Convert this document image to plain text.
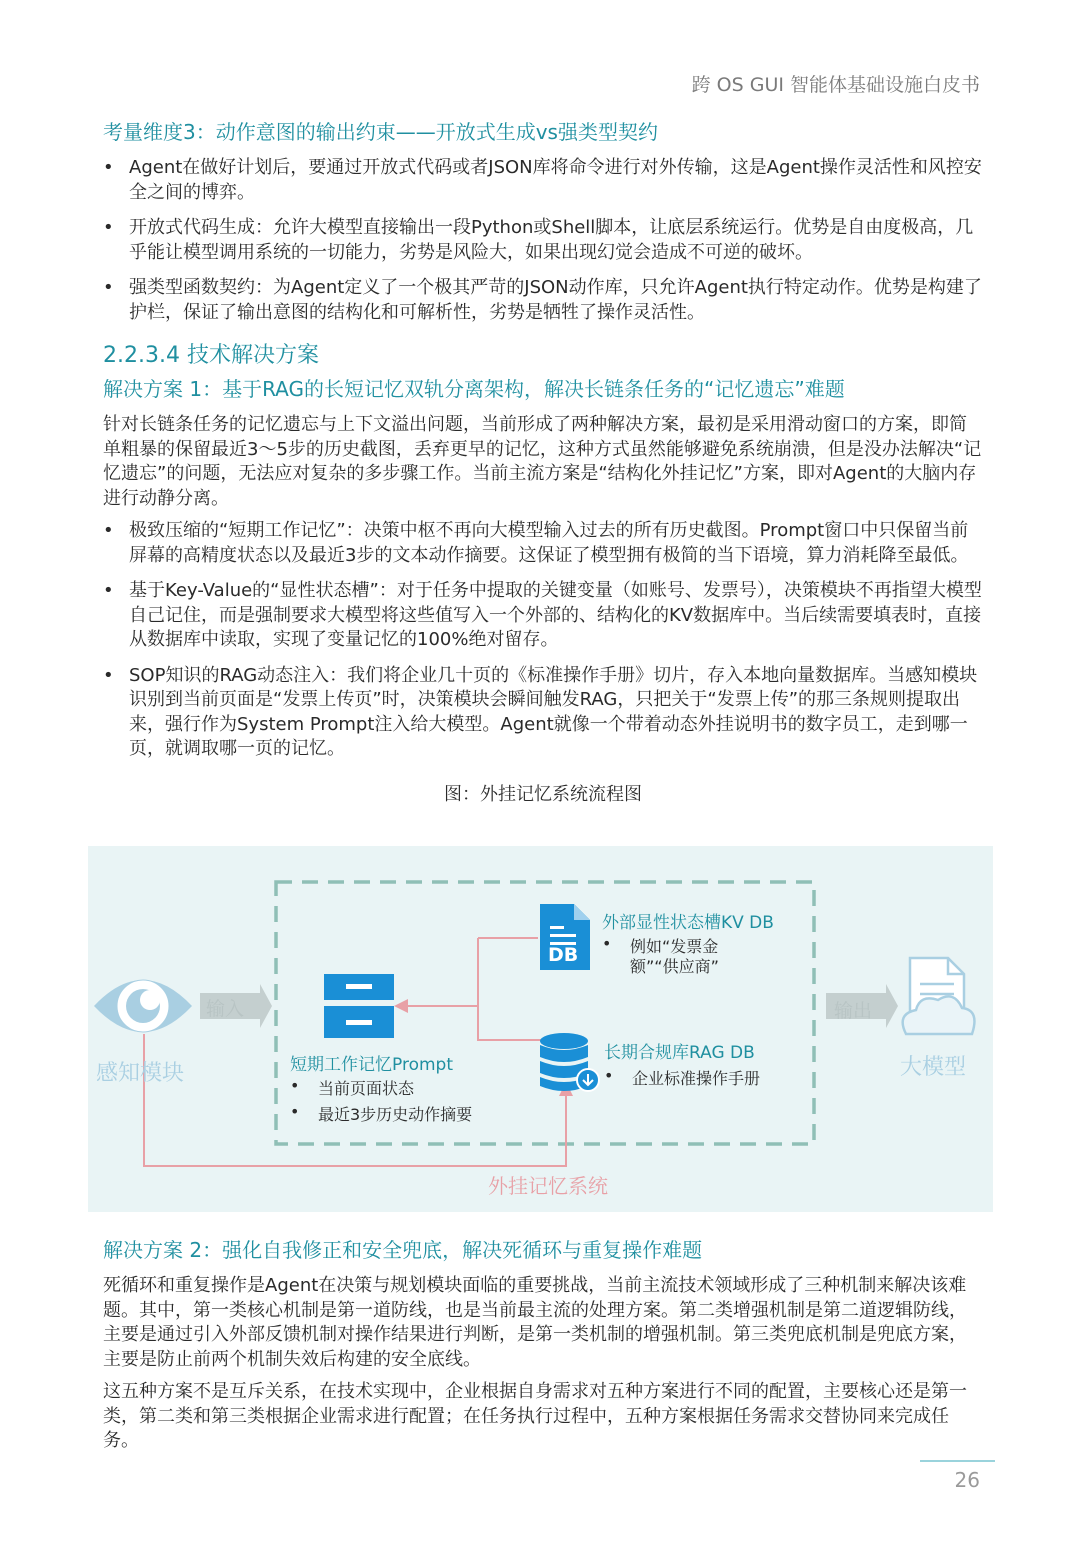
跨 OS GUI 智能体基础设施白皮书
考量维度3：动作意图的输出约束——开放式生成vs强类型契约
• Agent在做好计划后，要通过开放式代码或者JSON库将命令进行对外传输，这是Agent操作灵活性和风控安全之间的博弈。
• 开放式代码生成：允许大模型直接输出一段Python或Shell脚本，让底层系统运行。优势是自由度极高，几乎能让模型调用系统的一切能力，劣势是风险大，如果出现幻觉会造成不可逆的破坏。
• 强类型函数契约：为Agent定义了一个极其严苛的JSON动作库，只允许Agent执行特定动作。优势是构建了护栏，保证了输出意图的结构化和可解析性，劣势是牺牲了操作灵活性。
2.2.3.4 技术解决方案
解决方案 1：基于RAG的长短记忆双轨分离架构，解决长链条任务的“记忆遗忘”难题

针对长链条任务的记忆遗忘与上下文溢出问题，当前形成了两种解决方案，最初是采用滑动窗口的方案，即简单粗暴的保留最近3～5步的历史截图，丢弃更早的记忆，这种方式虽然能够避免系统崩溃，但是没办法解决“记忆遗忘”的问题，无法应对复杂的多步骤工作。当前主流方案是“结构化外挂记忆”方案，即对Agent的大脑内存进行动静分离。

• 极致压缩的“短期工作记忆”：决策中枢不再向大模型输入过去的所有历史截图。Prompt窗口中只保留当前屏幕的高精度状态以及最近3步的文本动作摘要。这保证了模型拥有极简的当下语境，算力消耗降至最低。
• 基于Key-Value的“显性状态槽”：对于任务中提取的关键变量（如账号、发票号），决策模块不再指望大模型自己记住，而是强制要求大模型将这些值写入一个外部的、结构化的KV数据库中。当后续需要填表时，直接从数据库中读取，实现了变量记忆的100%绝对留存。
• SOP知识的RAG动态注入：我们将企业几十页的《标准操作手册》切片，存入本地向量数据库。当感知模块识别到当前页面是“发票上传页”时，决策模块会瞬间触发RAG，只把关于“发票上传”的那三条规则提取出来，强行作为System Prompt注入给大模型。Agent就像一个带着动态外挂说明书的数字员工，走到哪一页，就调取哪一页的记忆。
图：外挂记忆系统流程图
DB
感知模块
输入	输出
大模型
外挂记忆系统
短期工作记忆Prompt
• 当前页面状态
• 最近3步历史动作摘要
外部显性状态槽KV DB
• 例如“发票金
额”“供应商”
长期合规库RAG DB
• 企业标准操作手册
解决方案 2：强化自我修正和安全兜底，解决死循环与重复操作难题

死循环和重复操作是Agent在决策与规划模块面临的重要挑战，当前主流技术领域形成了三种机制来解决该难题。其中，第一类核心机制是第一道防线，也是当前最主流的处理方案。第二类增强机制是第二道逻辑防线，主要是通过引入外部反馈机制对操作结果进行判断，是第一类机制的增强机制。第三类兜底机制是兜底方案，主要是防止前两个机制失效后构建的安全底线。

这五种方案不是互斥关系，在技术实现中，企业根据自身需求对五种方案进行不同的配置，主要核心还是第一类，第二类和第三类根据企业需求进行配置；在任务执行过程中，五种方案根据任务需求交替协同来完成任务。

26
